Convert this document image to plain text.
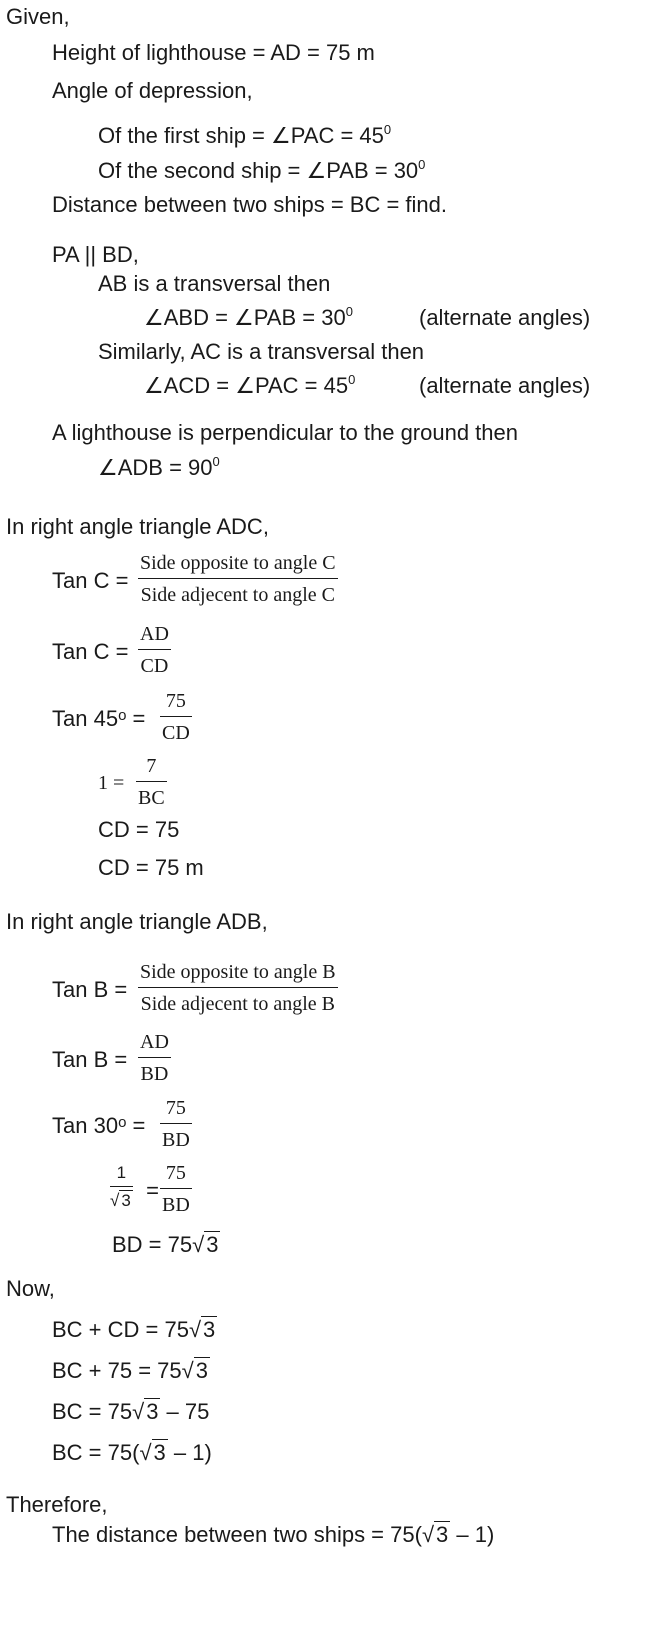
Given,
Height of lighthouse = AD = 75 m
Angle of depression,
Of the first ship = ∠PAC = $45^0$
Of the second ship = ∠PAB = $30^0$
Distance between two ships = BC = find.
PA || BD,
AB is a transversal then
∠ABD = ∠PAB = $30^0$	(alternate angles)
Similarly, AC is a transversal then
∠ACD = ∠PAC = $45^0$	(alternate angles)
A lighthouse is perpendicular to the ground then
∠ADB = $90^0$
In right angle triangle ADC,
Tan C =
Side opposite to angle C
Side adjecent to angle C
Tan C =
AD
CD
Tan $45^o$ =
75
CD
1 =
7
BC
CD = 75
CD = 75 m
In right angle triangle ADB,
Tan B =
Side opposite to angle B
Side adjecent to angle B
Tan B =
AD
BD
Tan $30^o$ =
75
BD
1
√ 3 =
75
BD
BD = 75√3
Now,
BC + CD = 75√3
BC + 75 = 75√3
BC = 75√3 – 75
BC = 75(√3 – 1)
Therefore,
The distance between two ships = 75(√3 – 1)
